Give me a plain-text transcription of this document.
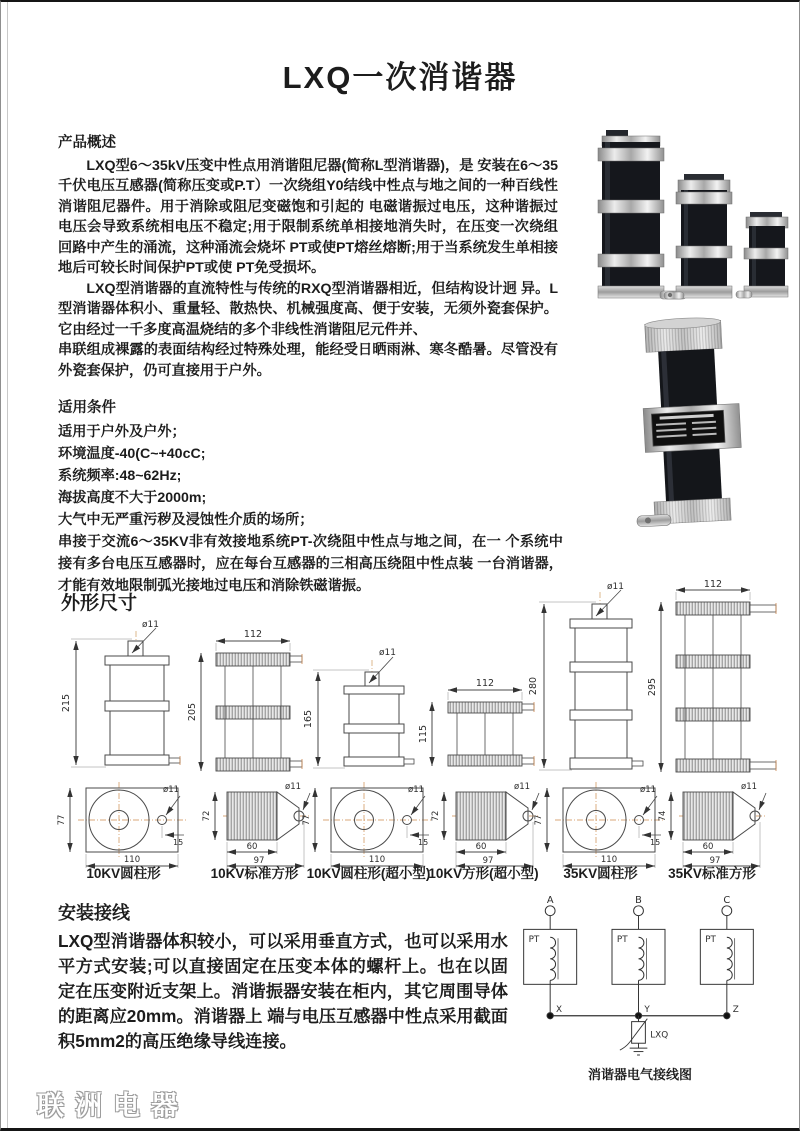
LXQ一次消谐器
产品概述
LXQ型6～35kV压变中性点用消谐阻尼器(简称L型消谐器)，是 安装在6～35千伏电压互感器(简称压变或P.T）一次绕组Y0结线中性点与地之间的一种百线性消谐阻尼器件。用于消除或阻尼变磁饱和引起的 电磁谐振过电压，这种谐振过电压会导致系统相电压不稳定;用于限制系统单相接地消失时，在压变一次绕组回路中产生的涌流，这种涌流会烧坏 PT或使PT熔丝熔断;用于当系统发生单相接地后可较长时间保护PT或使 PT免受损坏。
LXQ型消谐器的直流特性与传统的RXQ型消谐器相近，但结构设计迥 异。L型消谐器体积小、重量轻、散热快、机械强度高、便于安装，无须外瓷套保护。它由经过一千多度高温烧结的多个非线性消谐阻尼元件并、
串联组成裸露的表面结构经过特殊处理，能经受日晒雨淋、寒冬酷暑。尽管没有外瓷套保护，仍可直接用于户外。
适用条件
适用于户外及户外；
环境温度-40(C~+40cC;
系统频率:48~62Hz;
海拔高度不大于2000m;
大气中无严重污秽及浸蚀性介质的场所；
串接于交流6～35KV非有效接地系统PT-次绕阻中性点与地之间，在一 个系统中接有多台电压互感器时，应在每台互感器的三相高压绕阻中性点装 一台消谐器，才能有效地限制弧光接地过电压和消除铁磁谐振。
外形尺寸
ø11
215
112
205
ø11
165
112
115
ø11
280
112
295
77
110
ø11
15
10KV圆柱形
72
60
97
ø11
10KV标准方形
77
110
ø11
15
10KV圆柱形(超小型)
72
60
97
ø11
10KV方形(超小型)
77
110
ø11
15
35KV圆柱形
74
60
97
ø11
35KV标准方形
安装接线
LXQ型消谐器体积较小，可以采用垂直方式，也可以采用水平方式安装;可以直接固定在压变本体的螺杆上。也在以固定在压变附近支架上。消谐振器安装在柜内，其它周围导体的距离应20mm。消谐器上 端与电压互感器中性点采用截面积5mm2的高压绝缘导线连接。
A	B	C
PT	PT	PT
X	Y	Z
LXQ
消谐器电气接线图
联洲电器
